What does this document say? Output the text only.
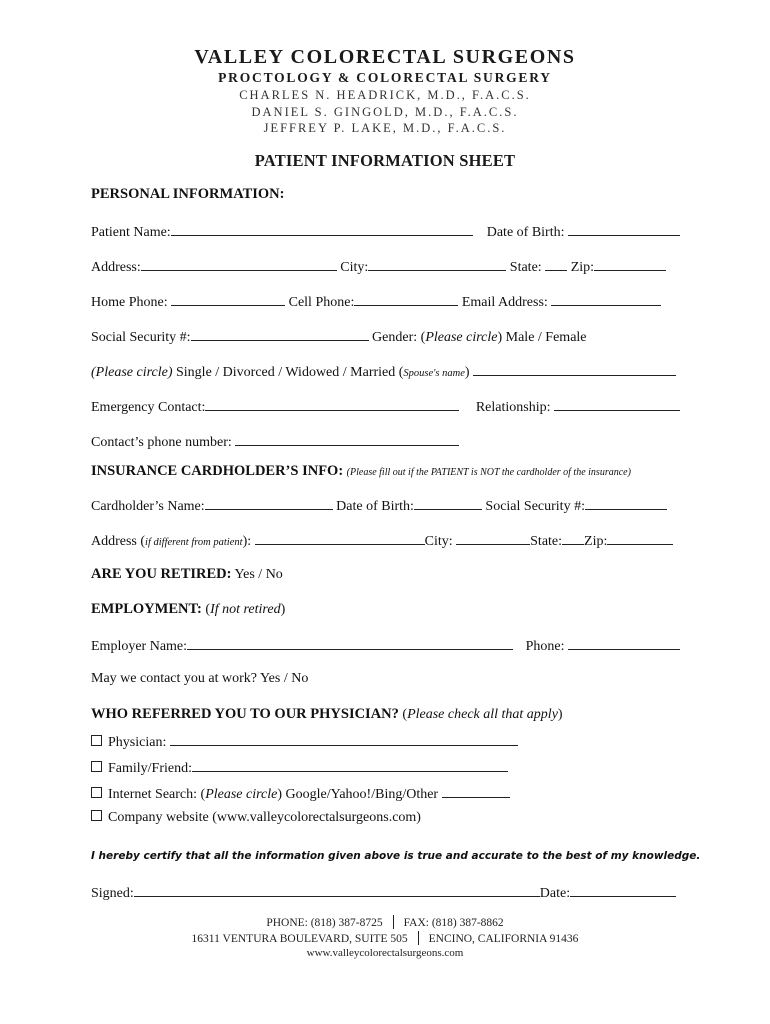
VALLEY COLORECTAL SURGEONS
PROCTOLOGY & COLORECTAL SURGERY
CHARLES N. HEADRICK, M.D., F.A.C.S.
DANIEL S. GINGOLD, M.D., F.A.C.S.
JEFFREY P. LAKE, M.D., F.A.C.S.
PATIENT INFORMATION SHEET
PERSONAL INFORMATION:
Patient Name:	Date of Birth:
Address:	City:	State: Zip:
Home Phone:	Cell Phone:	Email Address:
Social Security #:	Gender: (Please circle) Male / Female
(Please circle) Single / Divorced / Widowed / Married (Spouse's name)
Emergency Contact:	Relationship:
Contact’s phone number:
INSURANCE CARDHOLDER’S INFO: (Please fill out if the PATIENT is NOT the cardholder of the insurance)
Cardholder’s Name:	Date of Birth:	Social Security #:
Address (if different from patient):	City:	State: Zip:
ARE YOU RETIRED: Yes / No
EMPLOYMENT: (If not retired)
Employer Name:	Phone:
May we contact you at work? Yes / No
WHO REFERRED YOU TO OUR PHYSICIAN? (Please check all that apply)
Physician:
Family/Friend:
Internet Search: (Please circle) Google/Yahoo!/Bing/Other
Company website (www.valleycolorectalsurgeons.com)
I hereby certify that all the information given above is true and accurate to the best of my knowledge.
Signed:	Date:
PHONE: (818) 387-8725 FAX: (818) 387-8862
16311 VENTURA BOULEVARD, SUITE 505 ENCINO, CALIFORNIA 91436
www.valleycolorectalsurgeons.com
